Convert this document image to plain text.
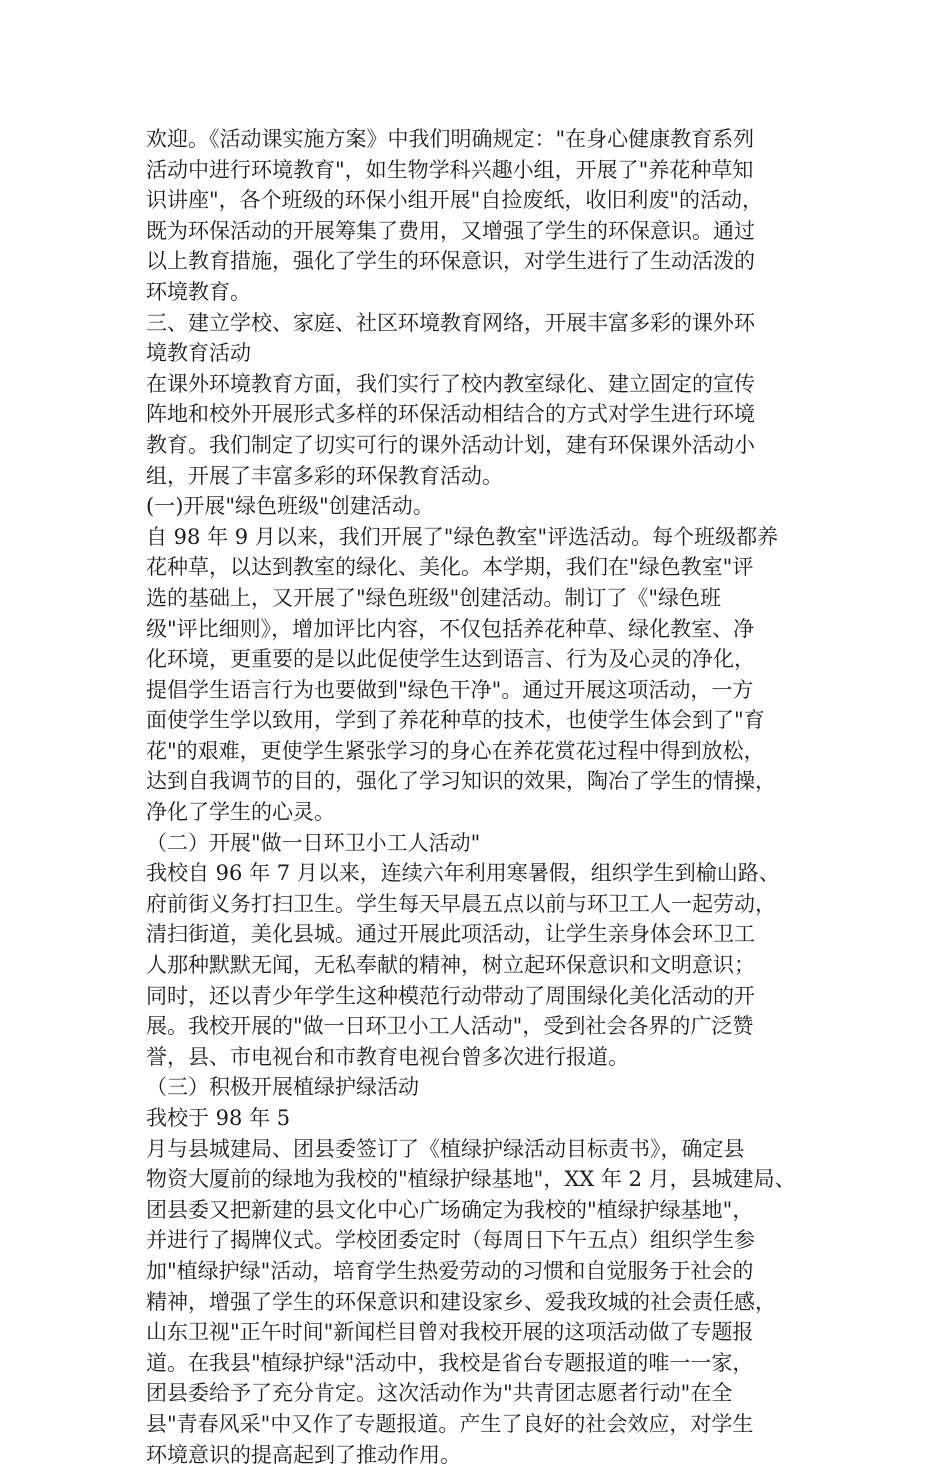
欢迎。《活动课实施方案》中我们明确规定："在身心健康教育系列
活动中进行环境教育"，如生物学科兴趣小组，开展了"养花种草知
识讲座"，各个班级的环保小组开展"自捡废纸，收旧利废"的活动，
既为环保活动的开展筹集了费用，又增强了学生的环保意识。通过
以上教育措施，强化了学生的环保意识，对学生进行了生动活泼的
环境教育。
三、建立学校、家庭、社区环境教育网络，开展丰富多彩的课外环
境教育活动
在课外环境教育方面，我们实行了校内教室绿化、建立固定的宣传
阵地和校外开展形式多样的环保活动相结合的方式对学生进行环境
教育。我们制定了切实可行的课外活动计划，建有环保课外活动小
组，开展了丰富多彩的环保教育活动。
(一)开展"绿色班级"创建活动。
自 98 年 9 月以来，我们开展了"绿色教室"评选活动。每个班级都养
花种草，以达到教室的绿化、美化。本学期，我们在"绿色教室"评
选的基础上，又开展了"绿色班级"创建活动。制订了《"绿色班
级"评比细则》，增加评比内容，不仅包括养花种草、绿化教室、净
化环境，更重要的是以此促使学生达到语言、行为及心灵的净化，
提倡学生语言行为也要做到"绿色干净"。通过开展这项活动，一方
面使学生学以致用，学到了养花种草的技术，也使学生体会到了"育
花"的艰难，更使学生紧张学习的身心在养花赏花过程中得到放松，
达到自我调节的目的，强化了学习知识的效果，陶冶了学生的情操，
净化了学生的心灵。
（二）开展"做一日环卫小工人活动"
我校自 96 年 7 月以来，连续六年利用寒暑假，组织学生到榆山路、
府前街义务打扫卫生。学生每天早晨五点以前与环卫工人一起劳动，
清扫街道，美化县城。通过开展此项活动，让学生亲身体会环卫工
人那种默默无闻，无私奉献的精神，树立起环保意识和文明意识；
同时，还以青少年学生这种模范行动带动了周围绿化美化活动的开
展。我校开展的"做一日环卫小工人活动"，受到社会各界的广泛赞
誉，县、市电视台和市教育电视台曾多次进行报道。
（三）积极开展植绿护绿活动
我校于 98 年 5
月与县城建局、团县委签订了《植绿护绿活动目标责书》，确定县
物资大厦前的绿地为我校的"植绿护绿基地"，XX 年 2 月，县城建局、
团县委又把新建的县文化中心广场确定为我校的"植绿护绿基地"，
并进行了揭牌仪式。学校团委定时（每周日下午五点）组织学生参
加"植绿护绿"活动，培育学生热爱劳动的习惯和自觉服务于社会的
精神，增强了学生的环保意识和建设家乡、爱我玫城的社会责任感，
山东卫视"正午时间"新闻栏目曾对我校开展的这项活动做了专题报
道。在我县"植绿护绿"活动中，我校是省台专题报道的唯一一家，
团县委给予了充分肯定。这次活动作为"共青团志愿者行动"在全
县"青春风采"中又作了专题报道。产生了良好的社会效应，对学生
环境意识的提高起到了推动作用。
